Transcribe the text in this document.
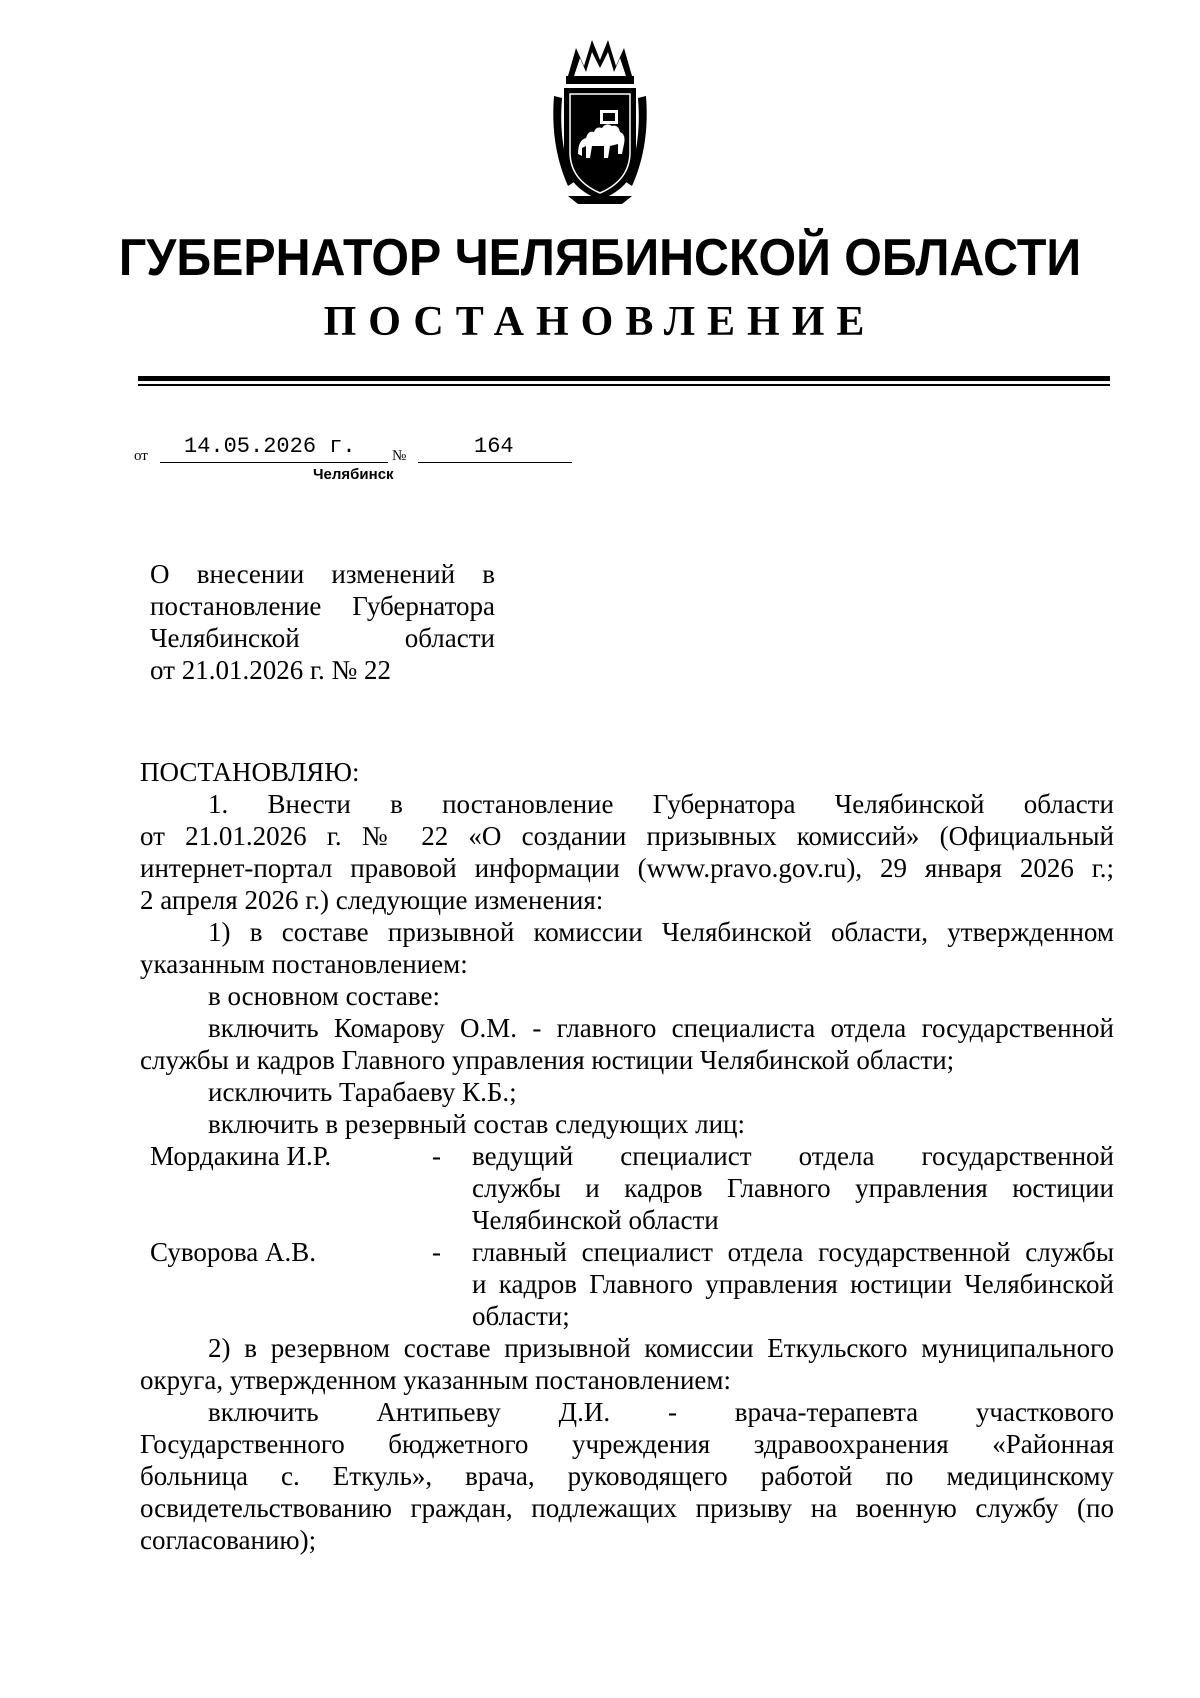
ГУБЕРНАТОР ЧЕЛЯБИНСКОЙ ОБЛАСТИ
ПОСТАНОВЛЕНИЕ
от 14.05.2026 г. №	164
Челябинск
О внесении изменений в
постановление Губернатора
Челябинской области
от 21.01.2026 г. № 22

ПОСТАНОВЛЯЮ:

1. Внести в постановление Губернатора Челябинской области

от 21.01.2026 г. № 22 «О создании призывных комиссий» (Официальный

интернет-портал правовой информации (www.pravo.gov.ru), 29 января 2026 г.;

2 апреля 2026 г.) следующие изменения:

1) в составе призывной комиссии Челябинской области, утвержденном

указанным постановлением:

в основном составе:

включить Комарову О.М. - главного специалиста отдела государственной

службы и кадров Главного управления юстиции Челябинской области;

исключить Тарабаеву К.Б.;

включить в резервный состав следующих лиц:

Мордакина И.Р.	-	ведущий специалист отдела государственной
службы и кадров Главного управления юстиции
Челябинской области
Суворова А.В.	-	главный специалист отдела государственной службы
и кадров Главного управления юстиции Челябинской
области;

2) в резервном составе призывной комиссии Еткульского муниципального

округа, утвержденном указанным постановлением:

включить Антипьеву Д.И. - врача-терапевта участкового

Государственного бюджетного учреждения здравоохранения «Районная

больница с. Еткуль», врача, руководящего работой по медицинскому

освидетельствованию граждан, подлежащих призыву на военную службу (по

согласованию);
